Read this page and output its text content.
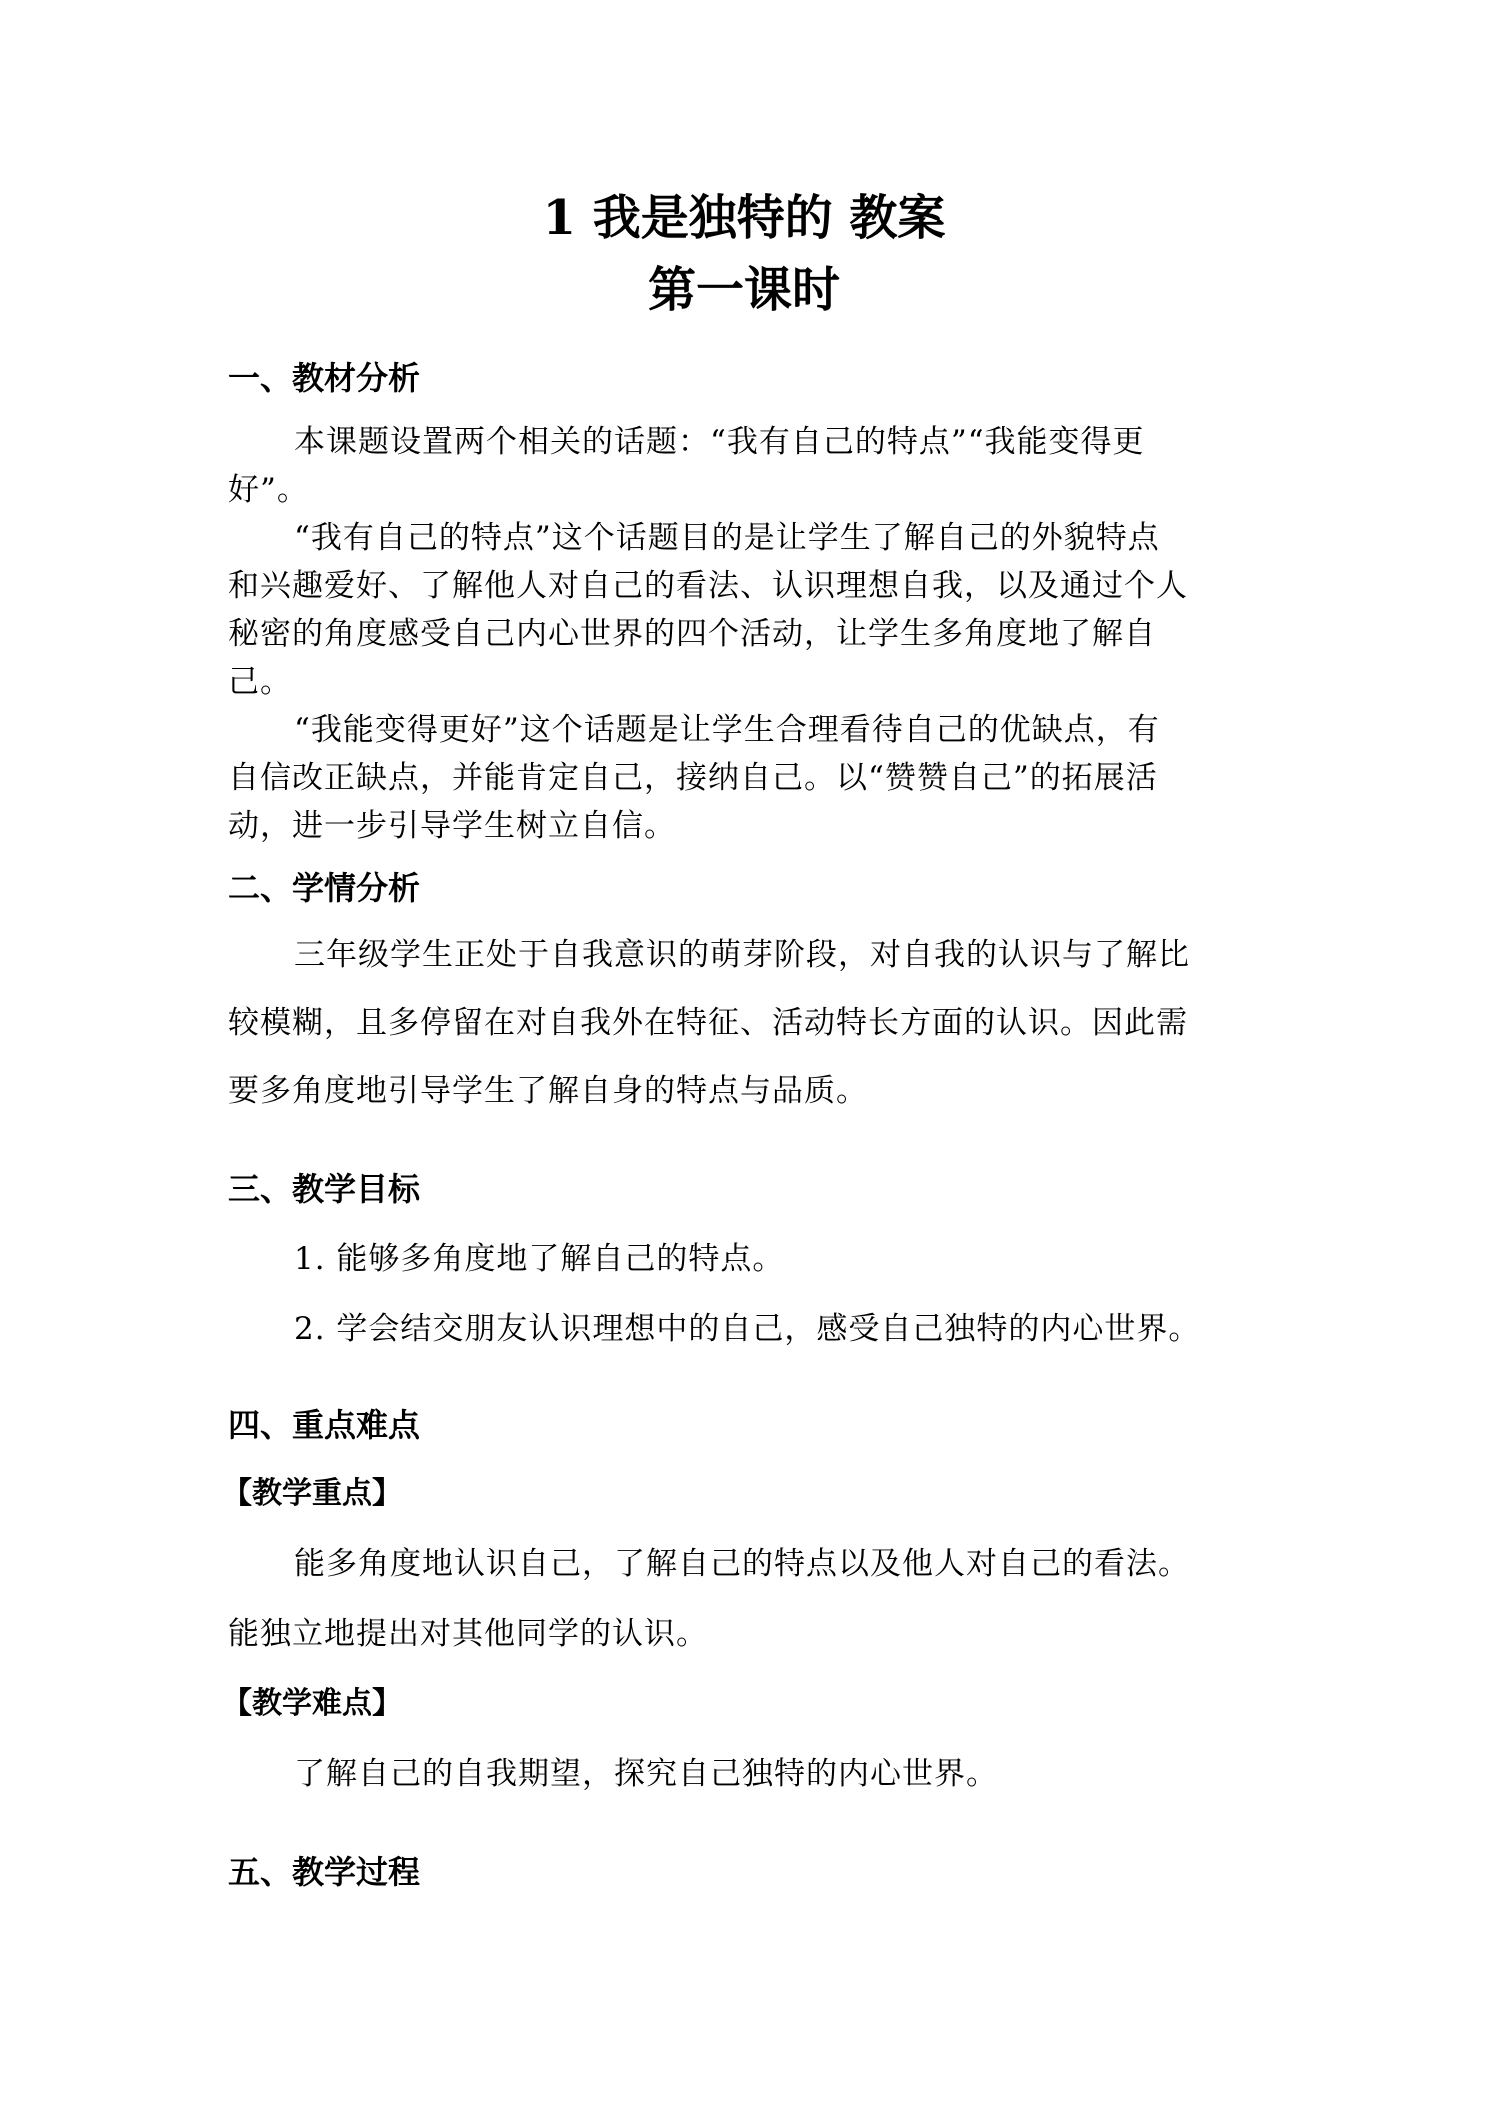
1 我是独特的 教案
第一课时
一、教材分析
本课题设置两个相关的话题：“我有自己的特点”“我能变得更
好”。
“我有自己的特点”这个话题目的是让学生了解自己的外貌特点
和兴趣爱好、了解他人对自己的看法、认识理想自我，以及通过个人
秘密的角度感受自己内心世界的四个活动，让学生多角度地了解自
己。
“我能变得更好”这个话题是让学生合理看待自己的优缺点，有
自信改正缺点，并能肯定自己，接纳自己。以“赞赞自己”的拓展活
动，进一步引导学生树立自信。
二、学情分析
三年级学生正处于自我意识的萌芽阶段，对自我的认识与了解比
较模糊，且多停留在对自我外在特征、活动特长方面的认识。因此需
要多角度地引导学生了解自身的特点与品质。
三、教学目标
1. 能够多角度地了解自己的特点。
2. 学会结交朋友认识理想中的自己，感受自己独特的内心世界。
四、重点难点
【教学重点】
能多角度地认识自己，了解自己的特点以及他人对自己的看法。
能独立地提出对其他同学的认识。
【教学难点】
了解自己的自我期望，探究自己独特的内心世界。
五、教学过程
